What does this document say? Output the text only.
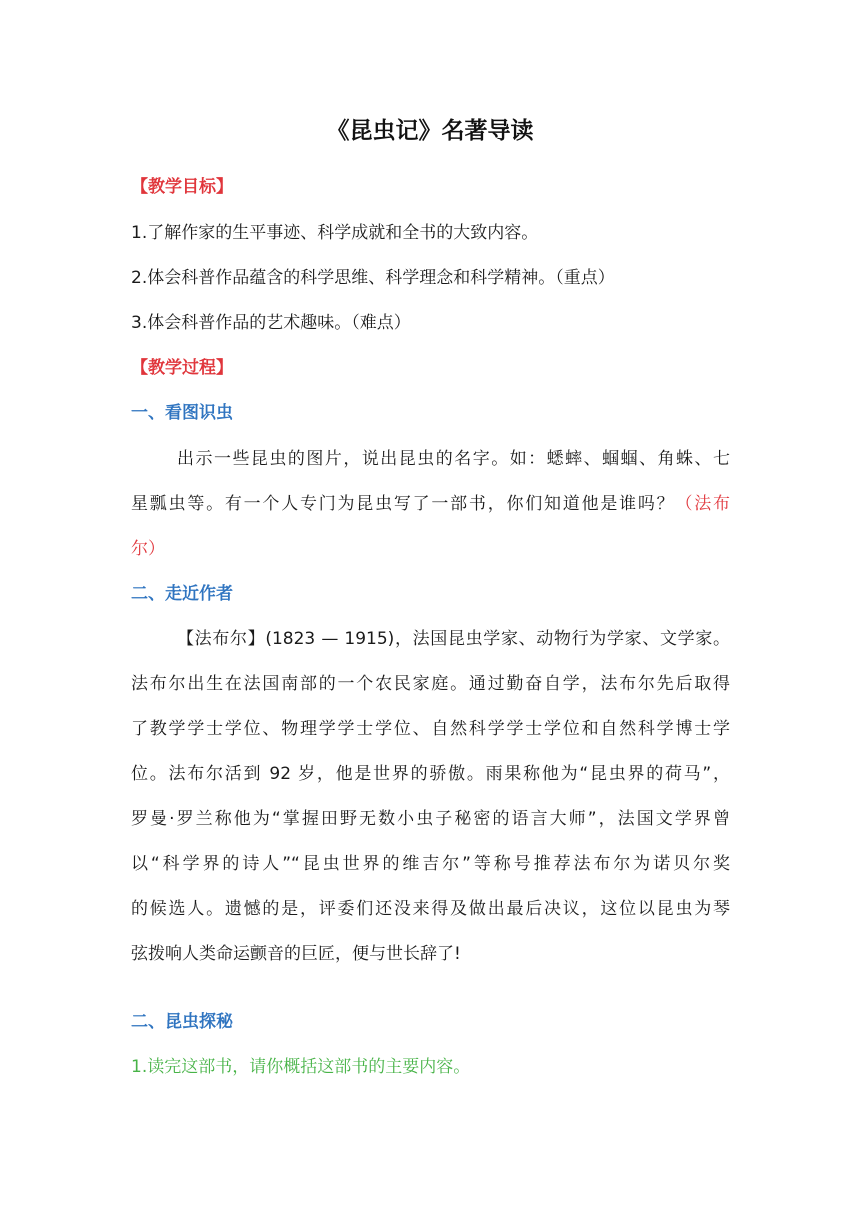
《昆虫记》名著导读
【教学目标】
1.了解作家的生平事迹、科学成就和全书的大致内容。
2.体会科普作品蕴含的科学思维、科学理念和科学精神。（重点）
3.体会科普作品的艺术趣味。（难点）
【教学过程】
一、看图识虫
出示一些昆虫的图片，说出昆虫的名字。如：蟋蟀、蝈蝈、角蛛、七
星瓢虫等。有一个人专门为昆虫写了一部书，你们知道他是谁吗？（法布
尔）
二、走近作者
【法布尔】(1823 — 1915)，法国昆虫学家、动物行为学家、文学家。
法布尔出生在法国南部的一个农民家庭。通过勤奋自学，法布尔先后取得
了教学学士学位、物理学学士学位、自然科学学士学位和自然科学博士学
位。法布尔活到 92 岁，他是世界的骄傲。雨果称他为“昆虫界的荷马”，
罗曼·罗兰称他为“掌握田野无数小虫子秘密的语言大师”，法国文学界曾
以“科学界的诗人”“昆虫世界的维吉尔”等称号推荐法布尔为诺贝尔奖
的候选人。遗憾的是，评委们还没来得及做出最后决议，这位以昆虫为琴
弦拨响人类命运颤音的巨匠，便与世长辞了!
二、昆虫探秘
1.读完这部书，请你概括这部书的主要内容。
